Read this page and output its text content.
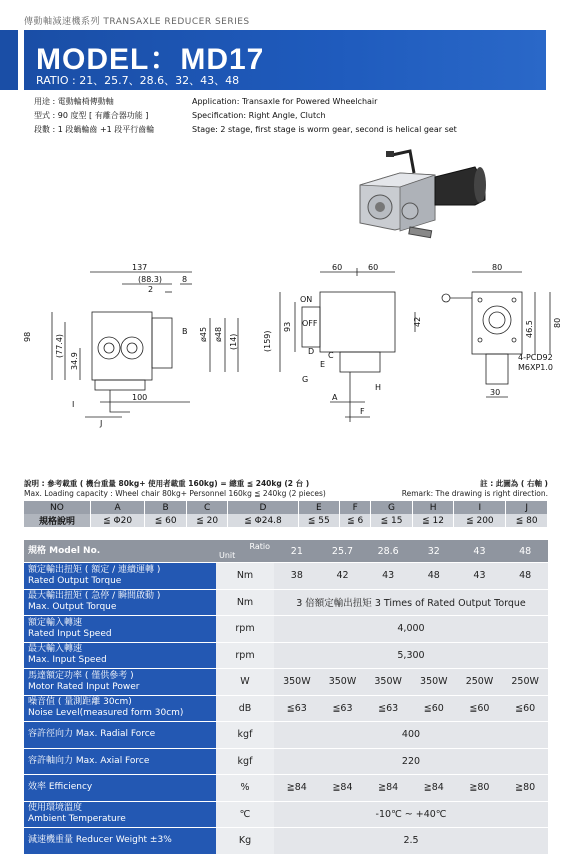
傳動軸減速機系列 TRANSAXLE REDUCER SERIES
MODEL：MD17
RATIO : 21、25.7、28.6、32、43、48
用途 : 電動輪椅傳動軸
型式 : 90 度型 [ 有離合器功能 ]
段數 : 1 段蝸輪齒 +1 段平行齒輪
Application: Transaxle for Powered Wheelchair
Specification: Right Angle, Clutch
Stage: 2 stage, first stage is worm gear, second is helical gear set
137
(88.3)
2
8
B ø45 ø48 (14)
98	(77.4)
34.9
I
100
J
(159)
93
60	60
ON
OFF
D
42
C
G
E
H
A
F
80
46.5 80
4-PCD92
M6XP1.0
30
說明 : 參考載重 ( 機台重量 80kg+ 使用者載重 160kg) = 總重 ≦ 240kg (2 台 )	註 : 此圖為 ( 右軸 )
Max. Loading capacity : Wheel chair 80kg+ Personnel 160kg ≦ 240kg (2 pieces)	Remark: The drawing is right direction.
NO	A	B	C	D	E	F	G	H	I	J
規格說明	≦ Φ20	≦ 60	≦ 20	≦ Φ24.8	≦ 55	≦ 6	≦ 15	≦ 12	≦ 200	≦ 80
規格 Model No.	Ratio
Unit	21	25.7	28.6	32	43	48

額定輸出扭矩 ( 額定 / 連續運轉 )
Rated Output Torque	Nm	38	42	43	48	43	48

最大輸出扭矩 ( 急停 / 瞬間啟動 )
Max. Output Torque	Nm	3 倍額定輸出扭矩 3 Times of Rated Output Torque					

額定輸入轉速
Rated Input Speed	rpm	4,000					

最大輸入轉速
Max. Input Speed	rpm	5,300					

馬達額定功率 ( 僅供參考 )
Motor Rated Input Power	W	350W	350W	350W	350W	250W	250W

噪音值 ( 量測距離 30cm)
Noise Level(measured form 30cm)	dB	≦63	≦63	≦63	≦60	≦60	≦60

容許徑向力 Max. Radial Force	kgf	400					

容許軸向力 Max. Axial Force	kgf	220					

效率 Efficiency	%	≧84	≧84	≧84	≧84	≧80	≧80

使用環境溫度
Ambient Temperature	℃	-10℃ ~ +40℃					

減速機重量 Reducer Weight ±3%	Kg	2.5					
